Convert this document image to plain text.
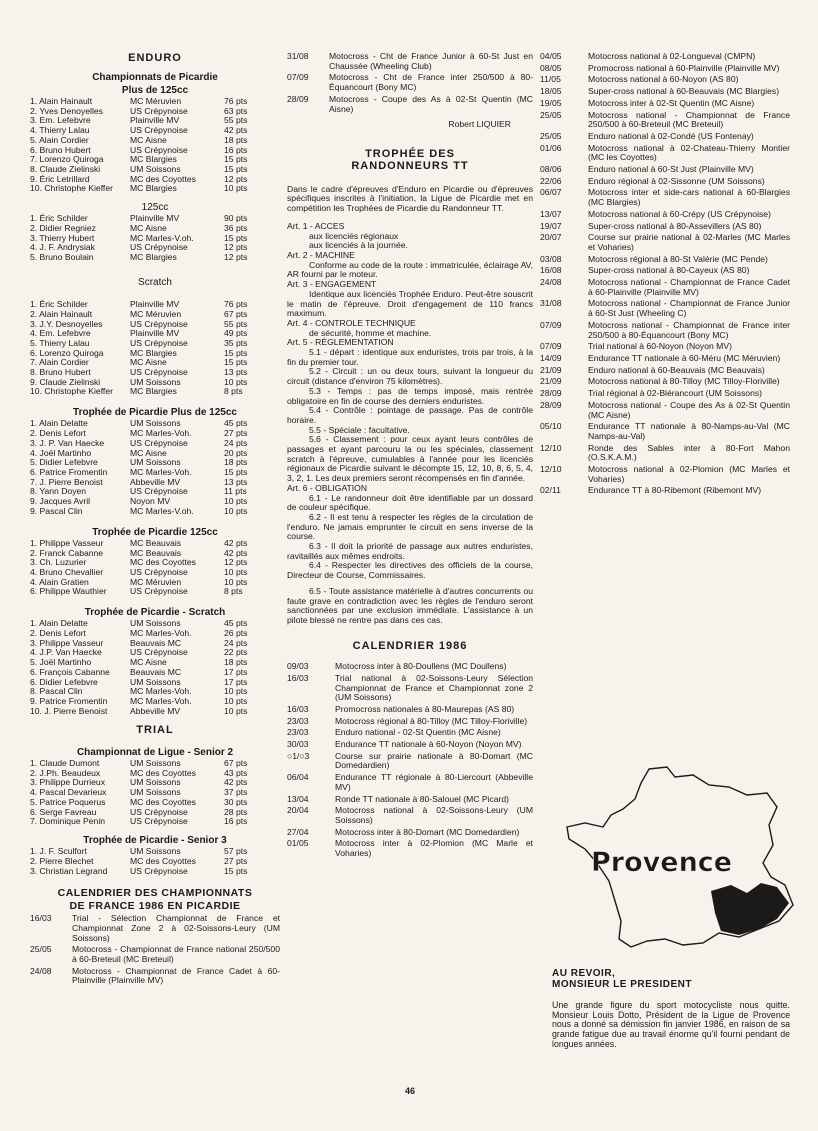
ENDURO
Championnats de Picardie
Plus de 125cc
1. Alain Hainault	MC Méruvien	76 pts
2. Yves Denoyelles	US Crépynoise	63 pts
3. Em. Lefebvre	Plainville MV	55 pts
4. Thierry Lalau	US Crépynoise	42 pts
5. Alain Cordier	MC Aisne	18 pts
6. Bruno Hubert	US Crépynoise	16 pts
7. Lorenzo Quiroga	MC Blargies	15 pts
8. Claude Zielinski	UM Soissons	15 pts
9. Éric Letrillard	MC des Coyottes	12 pts
10. Christophe Kieffer	MC Blargies	10 pts
125cc
1. Éric Schilder	Plainville MV	90 pts
2. Didier Regniez	MC Aisne	36 pts
3. Thierry Hubert	MC Marles-V.oh.	15 pts
4. J. F. Andrysiak	US Crépynoise	12 pts
5. Bruno Boulain	MC Blargies	12 pts
Scratch
1. Éric Schilder	Plainville MV	76 pts
2. Alain Hainault	MC Méruvien	67 pts
3. J.Y. Desnoyelles	US Crépynoise	55 pts
4. Em. Lefebvre	Plainville MV	49 pts
5. Thierry Lalau	US Crépynoise	35 pts
6. Lorenzo Quiroga	MC Blargies	15 pts
7. Alain Cordier	MC Aisne	15 pts
8. Bruno Hubert	US Crépynoise	13 pts
9. Claude Zielinski	UM Soissons	10 pts
10. Christophe Kieffer	MC Blargies	8 pts
Trophée de Picardie Plus de 125cc
1. Alain Delatte	UM Soissons	45 pts
2. Denis Lefort	MC Marles-Voh.	27 pts
3. J. P. Van Haecke	US Crépynoise	24 pts
4. Joël Martinho	MC Aisne	20 pts
5. Didier Lefebvre	UM Soissons	18 pts
6. Patrice Fromentin	MC Marles-Voh.	15 pts
7. J. Pierre Benoist	Abbeville MV	13 pts
8. Yann Doyen	US Crépynoise	11 pts
9. Jacques Avril	Noyon MV	10 pts
9. Pascal Clin	MC Marles-V.oh.	10 pts
Trophée de Picardie 125cc
1. Philippe Vasseur	MC Beauvais	42 pts
2. Franck Cabanne	MC Beauvais	42 pts
3. Ch. Luzurier	MC des Coyottes	12 pts
4. Bruno Chevallier	US Crépynoise	10 pts
4. Alain Gratien	MC Méruvien	10 pts
6. Philippe Wauthier	US Crépynoise	8 pts
Trophée de Picardie - Scratch
1. Alain Delatte	UM Soissons	45 pts
2. Denis Lefort	MC Marles-Voh.	26 pts
3. Philippe Vasseur	Beauvais MC	24 pts
4. J.P. Van Haecke	US Crépynoise	22 pts
5. Joël Martinho	MC Aisne	18 pts
6. François Cabanne	Beauvais MC	17 pts
6. Didier Lefebvre	UM Soissons	17 pts
8. Pascal Clin	MC Marles-Voh.	10 pts
9. Patrice Fromentin	MC Marles-Voh.	10 pts
10. J. Pierre Benoist	Abbeville MV	10 pts
TRIAL
Championnat de Ligue - Senior 2
1. Claude Dumont	UM Soissons	67 pts
2. J.Ph. Beaudeux	MC des Coyottes	43 pts
3. Philippe Durrieux	UM Soissons	42 pts
4. Pascal Devarieux	UM Soissons	37 pts
5. Patrice Poquerus	MC des Coyottes	30 pts
6. Serge Favreau	US Crépynoise	28 pts
7. Dominique Penin	US Crépynoise	16 pts
Trophée de Picardie - Senior 3
1. J. F. Sculfort	UM Soissons	57 pts
2. Pierre Blechet	MC des Coyottes	27 pts
3. Christian Legrand	US Crépynoise	15 pts
CALENDRIER DES CHAMPIONNATS
DE FRANCE 1986 EN PICARDIE
16/03	Trial - Sélection Championnat de France et Championnat Zone 2 à 02-Soissons-Leury (UM Soissons)
25/05	Motocross - Championnat de France national 250/500 à 60-Breteuil (MC Breteuil)
24/08	Motocross - Championnat de France Cadet à 60-Plainville (Plainville MV)
31/08	Motocross - Cht de France Junior à 60-St Just en Chaussée (Wheeling Club)
07/09	Motocross - Cht de France inter 250/500 à 80-Équancourt (Bony MC)
28/09	Motocross - Coupe des As à 02-St Quentin (MC Aisne)
Robert LIQUIER
TROPHÉE DES
RANDONNEURS TT

Dans le cadre d'épreuves d'Enduro en Picardie ou d'épreuves spécifiques inscrites à l'initiation, la Ligue de Picardie met en compétition les Trophées de Picardie du Randonneur TT.

Art. 1 - ACCES

aux licenciés régionaux

aux licenciés à la journée.

Art. 2 - MACHINE

Conforme au code de la route : immatriculée, éclairage AV, AR fourni par le moteur.

Art. 3 - ENGAGEMENT

Identique aux licenciés Trophée Enduro. Peut-être souscrit le matin de l'épreuve. Droit d'engagement de 110 francs maximum.

Art. 4 - CONTROLE TECHNIQUE

de sécurité, homme et machine.

Art. 5 - RÉGLEMENTATION

5.1 - départ : identique aux enduristes, trois par trois, à la fin du premier tour.

5.2 - Circuit : un ou deux tours, suivant la longueur du circuit (distance d'environ 75 kilomètres).

5.3 - Temps : pas de temps imposé, mais rentrée obligatoire en fin de course des derniers enduristes.

5.4 - Contrôle : pointage de passage. Pas de contrôle horaire.

5.5 - Spéciale : facultative.

5.6 - Classement : pour ceux ayant leurs contrôles de passages et ayant parcouru la ou les spéciales, classement scratch à l'épreuve, cumulables à l'année pour les licenciés régionaux de Picardie suivant le décompte 15, 12, 10, 8, 6, 5, 4, 3, 2, 1. Les deux premiers seront récompensés en fin d'année.

Art. 6 - OBLIGATION

6.1 - Le randonneur doit être identifiable par un dossard de couleur spécifique.

6.2 - Il est tenu à respecter les règles de la circulation de l'enduro. Ne jamais emprunter le circuit en sens inverse de la course.

6.3 - Il doit la priorité de passage aux autres enduristes, ravitaillés aux mêmes endroits.

6.4 - Respecter les directives des officiels de la course, Directeur de Course, Commissaires.

6.5 - Toute assistance matérielle à d'autres concurrents ou faute grave en contradiction avec les règles de l'enduro seront sanctionnées par une exclusion immédiate. L'assistance à un pilote blessé ne rentre pas dans ces cas.

CALENDRIER 1986
09/03	Motocross inter à 80-Doullens (MC Doullens)
16/03	Trial national à 02-Soissons-Leury Sélection Championnat de France et Championnat zone 2 (UM Soissons)
16/03	Promocross nationales à 80-Maurepas (AS 80)
23/03	Motocross régional à 80-Tilloy (MC Tilloy-Floriville)
23/03	Enduro national - 02-St Quentin (MC Aisne)
30/03	Endurance TT nationale à 60-Noyon (Noyon MV)
○1/○3	Course sur prairie nationale à 80-Domart (MC Domedardien)
06/04	Endurance TT régionale à 80-Liercourt (Abbeville MV)
13/04	Ronde TT nationale à 80-Saloue​l (MC Picard)
20/04	Motocross national à 02-Soissons-Leury (UM Soissons)
27/04	Motocross inter à 80-Domart (MC Domedardien)
01/05	Motocross inter à 02-Plomion (MC Marle et Voharies)
04/05	Motocross national à 02-Longueval (CMPN)
08/05	Promocross national à 60-Plainville (Plainville MV)
11/05	Motocross national à 60-Noyon (AS 80)
18/05	Super-cross national à 60-Beauvais (MC Blargies)
19/05	Motocross inter à 02-St Quentin (MC Aisne)
25/05	Motocross national - Championnat de France 250/500 à 60-Breteuil (MC Breteuil)
25/05	Enduro national à 02-Condé (US Fontenay)
01/06	Motocross national à 02-Chateau-Thierry Montier (MC les Coyottes)
08/06	Enduro national à 60-St Just (Plainville MV)
22/06	Enduro régional à 02-Sissonne (UM Soissons)
06/07	Motocross inter et side-cars national à 60-Blargies (MC Blargies)
13/07	Motocross national à 60-Crépy (US Crépynoise)
19/07	Super-cross national à 80-Assevillers (AS 80)
20/07	Course sur prairie national à 02-Marles (MC Marles et Voharies)
03/08	Motocross régional à 80-St Valérie (MC Pende)
16/08	Super-cross national à 80-Cayeux (AS 80)
24/08	Motocross national - Championnat de France Cadet à 60-Plainville (Plainville MV)
31/08	Motocross national - Championnat de France Junior à 60-St Just (Wheeling C)
07/09	Motocross national - Championnat de France inter 250/500 à 80-Équancourt (Bony MC)
07/09	Trial national à 60-Noyon (Noyon MV)
14/09	Endurance TT nationale à 60-Méru (MC Méruvien)
21/09	Enduro national à 60-Beauvais (MC Beauvais)
21/09	Motocross national à 80-Tilloy (MC Tilloy-Floriville)
28/09	Trial régional à 02-Blérancourt (UM Soissons)
28/09	Motocross national - Coupe des As à 02-St Quentin (MC Aisne)
05/10	Endurance TT nationale à 80-Namps-au-Val (MC Namps-au-Val)
12/10	Ronde des Sables inter à 80-Fort Mahon (O.S.K.A.M.)
12/10	Motocross national à 02-Plomion (MC Marles et Voharies)
02/11	Endurance TT à 80-Ribemont (Ribemont MV)
Provence
AU REVOIR,
MONSIEUR LE PRESIDENT

Une grande figure du sport motocycliste nous quitte. Monsieur Louis Dotto, Président de la Ligue de Provence nous a donné sa démission fin janvier 1986, en raison de sa grande fatigue due au travail énorme qu'il fourni pendant de longues années.

46
